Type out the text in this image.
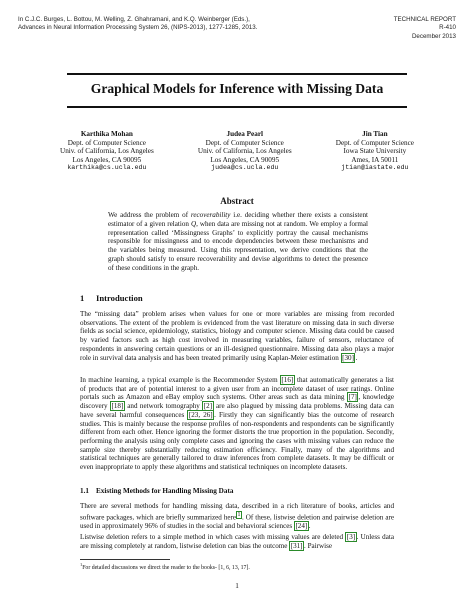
In C.J.C. Burges, L. Bottou, M. Welling, Z. Ghahramani, and K.Q. Weinberger (Eds.),
Advances in Neural Information Processing System 26, (NIPS-2013), 1277-1285, 2013.
TECHNICAL REPORT
R-410
December 2013
Graphical Models for Inference with Missing Data
Karthika Mohan
Dept. of Computer Science
Univ. of California, Los Angeles
Los Angeles, CA 90095
karthika@cs.ucla.edu
Judea Pearl
Dept. of Computer Science
Univ. of California, Los Angeles
Los Angeles, CA 90095
judea@cs.ucla.edu
Jin Tian
Dept. of Computer Science
Iowa State University
Ames, IA 50011
jtian@iastate.edu
Abstract
We address the problem of recoverability i.e. deciding whether there exists a consistent estimator of a given relation Q, when data are missing not at random. We employ a formal representation called ‘Missingness Graphs’ to explicitly portray the causal mechanisms responsible for missingness and to encode dependencies between these mechanisms and the variables being measured. Using this representation, we derive conditions that the graph should satisfy to ensure recoverability and devise algorithms to detect the presence of these conditions in the graph.
1 Introduction
The “missing data” problem arises when values for one or more variables are missing from recorded observations. The extent of the problem is evidenced from the vast literature on missing data in such diverse fields as social science, epidemiology, statistics, biology and computer science. Missing data could be caused by varied factors such as high cost involved in measuring variables, failure of sensors, reluctance of respondents in answering certain questions or an ill-designed questionnaire. Missing data also plays a major role in survival data analysis and has been treated primarily using Kaplan-Meier estimation [30] .
In machine learning, a typical example is the Recommender System [16] that automatically generates a list of products that are of potential interest to a given user from an incomplete dataset of user ratings. Online portals such as Amazon and eBay employ such systems. Other areas such as data mining [7] , knowledge discovery [18] and network tomography [2] are also plagued by missing data problems. Missing data can have several harmful consequences [23, 26] . Firstly they can significantly bias the outcome of research studies. This is mainly because the response profiles of non-respondents and respondents can be significantly different from each other. Hence ignoring the former distorts the true proportion in the population. Secondly, performing the analysis using only complete cases and ignoring the cases with missing values can reduce the sample size thereby substantially reducing estimation efficiency. Finally, many of the algorithms and statistical techniques are generally tailored to draw inferences from complete datasets. It may be difficult or even inappropriate to apply these algorithms and statistical techniques on incomplete datasets.
1.1 Existing Methods for Handling Missing Data
There are several methods for handling missing data, described in a rich literature of books, articles and software packages, which are briefly summarized here $^1$ . Of these, listwise deletion and pairwise deletion are used in approximately 96% of studies in the social and behavioral sciences [24] .
Listwise deletion refers to a simple method in which cases with missing values are deleted [3] . Unless data are missing completely at random, listwise deletion can bias the outcome [31] . Pairwise
$^1$For detailed discussions we direct the reader to the books- [1, 6, 13, 17].
1
